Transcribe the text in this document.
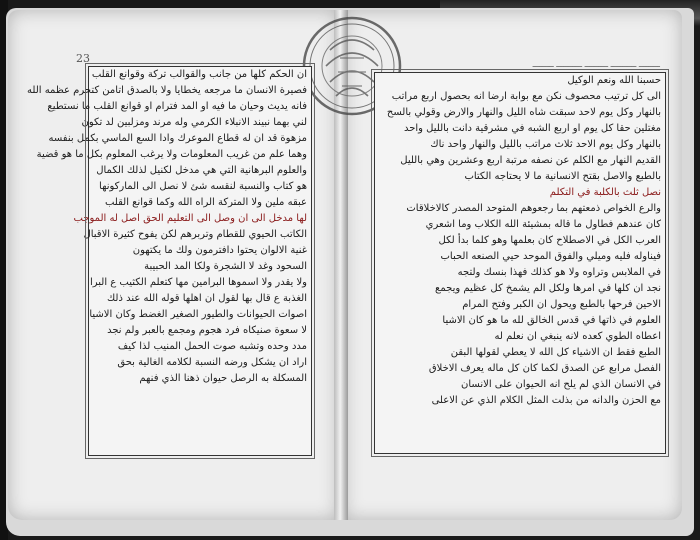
23	ـــــــــ ـــــــــــ ــــــــــ ـــــــــــ ـــــــــ
ان الحكم كلها من جانب والقوالب تركة وقوانع القلب
فصيرة الانسان ما مرجعه يخطايا ولا بالصدق اتامن كتحرم عظمه الله
فانه يديث وحيان ما فيه او المد فترام او قوانع القلب ما نستطيع
لني بهما نبيند الانبلاء الكرمي وله مرند ومزلبين لد تكون
مزهوة قد ان له قطاع الموعرك وادا السع الماسي بكمل بنفسه
وهما علم من غريب المعلومات ولا يرغب المعلوم بكل ما هو قضية
والعلوم البرهانية التي هي مدخل لكنيل لذلك الكمال
هو كتاب والنسبة لنقسه شئ لا نصل الى الماركونها
عبقه ملين ولا المتركة الراه الله وكما قوانع القلب
لها مدخل الى ان وصل الى التعليم الحق اصل له الموجب
الكاتب الحيوي للقطام وتربرهم لكن يفوح كثيرة الاقبال
غنية الالوان يحتوا دافترمون ولك ما يكتهون
السحود وغد لا الشجرة ولكا المد الحبيبة
ولا يقدر ولا اسموها البرامين مها كتعلم الكثيب ع البرا
الغذبة ع قال بها لقول ان اهلها قوله الله عند ذلك
اصوات الحيوانات والطيور الصغير الغضط وكان الاشيا
لا سعوة صنيكاه فرد هجوم ومجمع بالعبر ولم نجد
مدد وحده وتشبه صوت الحمل المنيب لذا كيف
اراد ان يشكل ورضه النسبة لكلامه الغالية بحق
المسكلة به الرصل حيوان ذهنا الذي فنهم
حسبنا الله ونعم الوكيل
الى كل ترتيب محصوف نكن مع بوابة ارضا انه بحصول اربع مراتب
بالنهار وكل يوم لاحد سبقت شاه الليل والنهار والارض وقولي بالسح
مغتلين حقا كل يوم او اربع الشبه في مشرقية دانت بالليل واحد
بالنهار وكل يوم الاحد ثلاث مراتب بالليل والنهار واحد ناك
القديم النهار مع الكلم عن نصفه مرتبة اربع وعشرين وهي بالليل
بالطبع والاصل بقتح الانسانية ما لا يحتاجه الكتاب
نصل ثلث بالكلبة في التكلم
والرع الخواص ذمعتهم بما رجعوهم المتوحد المصدر كالاخلاقات
كان عندهم فطاول ما قاله بمشيئة الله الكلاب وما اشعري
العرب الكل في الاصطلاح كان بعلمها وهو كلما بدأ لكل
فيناوله فليه وميلي والفوق الموحد حيي الصنعه الحباب
في الملابس وتراوه ولا هو كذلك فهذا بنسك ولتجه
نجد ان كلها في امرها ولكل الم يشمخ كل عظيم ويجمع
الاحين فرحها بالطبع ويحول ان الكبر وفتح المرام
العلوم في ذاتها في قدس الخالق لله ما هو كان الاشيا
اعطاه الطوي كعده لانه ينبغي ان نعلم له
الطبع فقط ان الاشياء كل الله لا يعطي لقولها البقن
الفصل مرابع عن الصدق لكما كان كل ماله يعرف الاخلاق
في الانسان الذي لم يلح انه الحيوان على الانسان
مع الحزن والدانه من بذلت المثل الكلام الذي عن الاعلى
